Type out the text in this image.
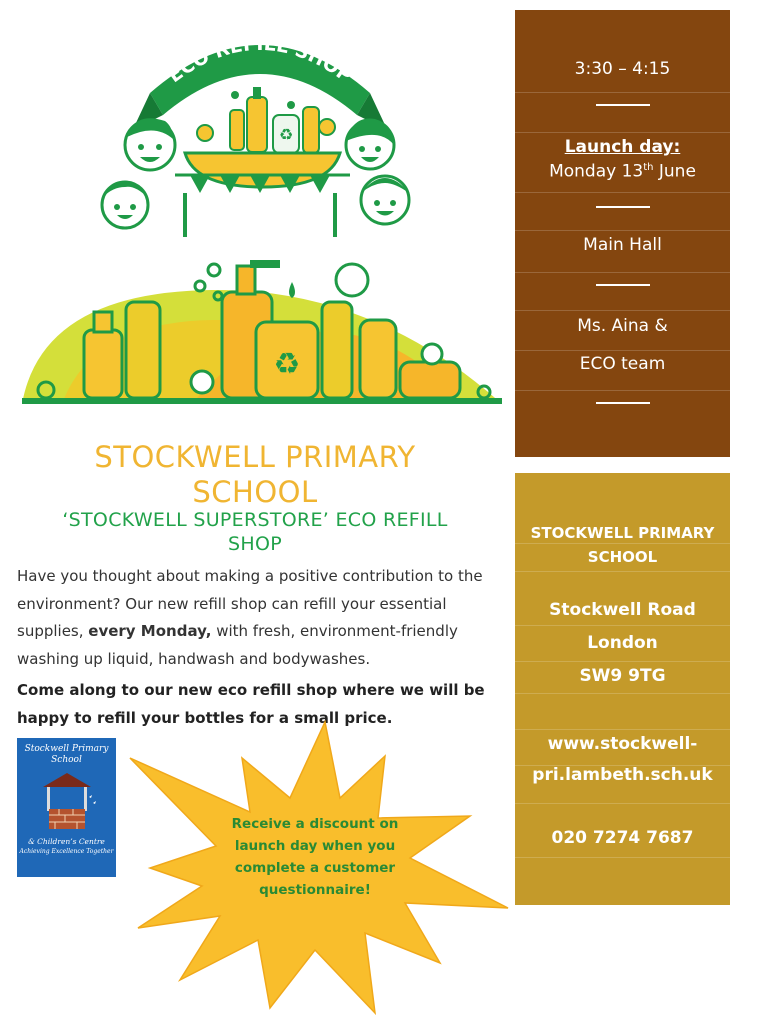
ECO REFILL SHOP
♻
♻
3:30 – 4:15
Launch day:
Monday 13th June
Main Hall
Ms. Aina &
ECO team
STOCKWELL PRIMARY
SCHOOL
Stockwell Road
London
SW9 9TG
www.stockwell-
pri.lambeth.sch.uk
020 7274 7687
STOCKWELL PRIMARY
SCHOOL
‘STOCKWELL SUPERSTORE’ ECO REFILL
SHOP
Have you thought about making a positive contribution to the environment? Our new refill shop can refill your essential supplies, every Monday, with fresh, environment-friendly washing up liquid, handwash and bodywashes.
Come along to our new eco refill shop where we will be happy to refill your bottles for a small price.
Stockwell Primary
School
& Children’s Centre
Achieving Excellence Together
Receive a discount on launch day when you complete a customer questionnaire!
